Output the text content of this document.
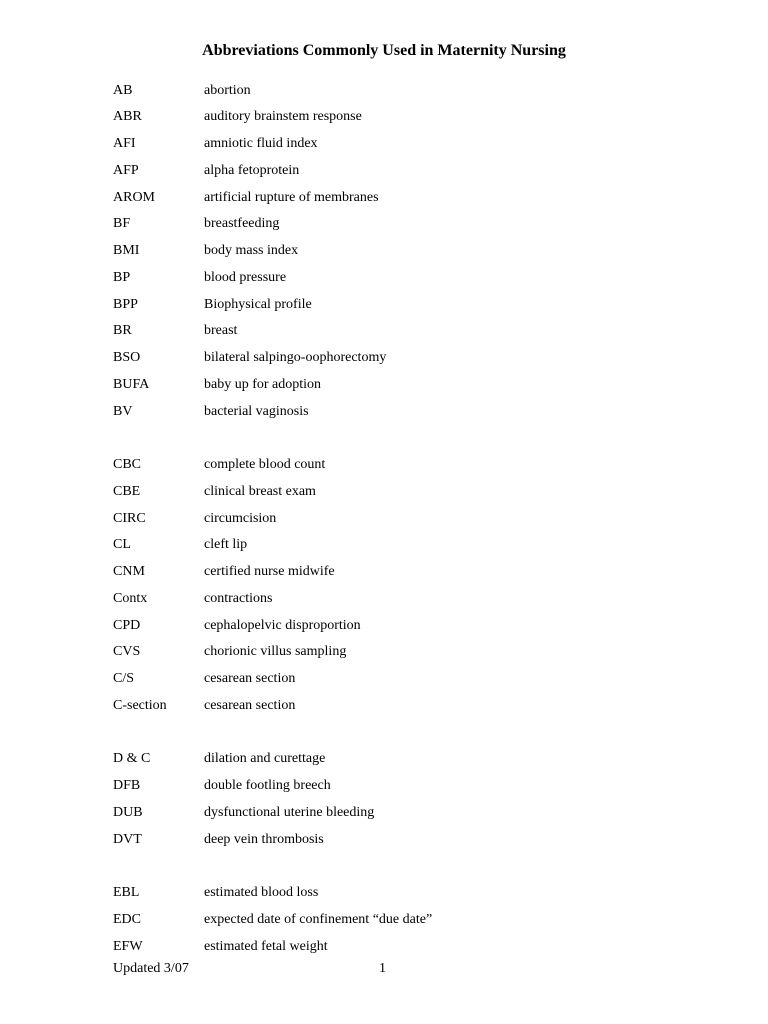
Abbreviations Commonly Used in Maternity Nursing
AB	abortion
ABR	auditory brainstem response
AFI	amniotic fluid index
AFP	alpha fetoprotein
AROM	artificial rupture of membranes
BF	breastfeeding
BMI	body mass index
BP	blood pressure
BPP	Biophysical profile
BR	breast
BSO	bilateral salpingo-oophorectomy
BUFA	baby up for adoption
BV	bacterial vaginosis
CBC	complete blood count
CBE	clinical breast exam
CIRC	circumcision
CL	cleft lip
CNM	certified nurse midwife
Contx	contractions
CPD	cephalopelvic disproportion
CVS	chorionic villus sampling
C/S	cesarean section
C-section	cesarean section
D & C	dilation and curettage
DFB	double footling breech
DUB	dysfunctional uterine bleeding
DVT	deep vein thrombosis
EBL	estimated blood loss
EDC	expected date of confinement “due date”
EFW	estimated fetal weight
Updated 3/07	1
